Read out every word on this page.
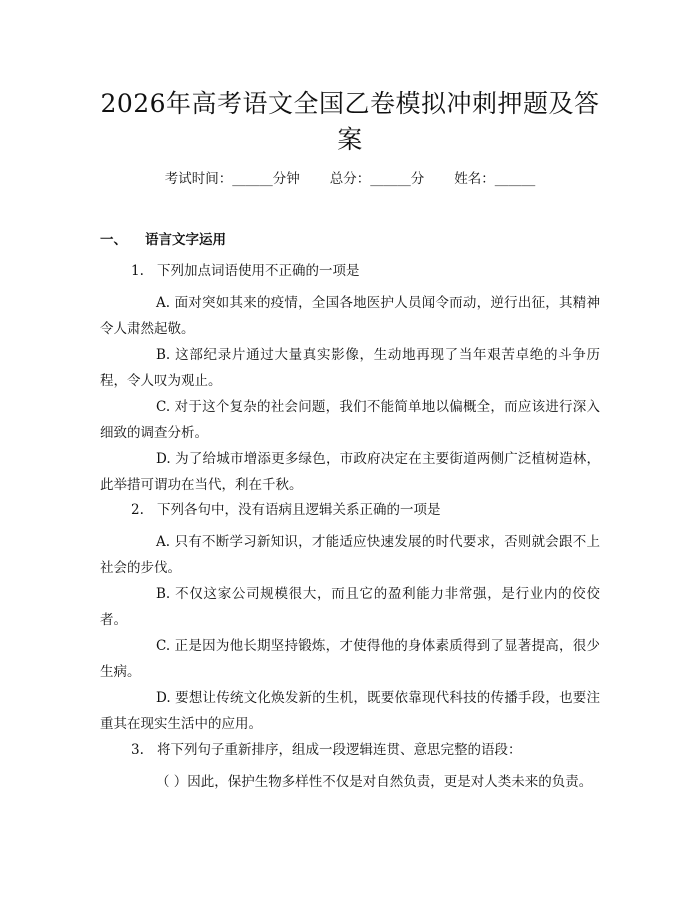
2026年高考语文全国乙卷模拟冲刺押题及答案
考试时间：______分钟 总分：______分 姓名：______
一、 语言文字运用
1. 下列加点词语使用不正确的一项是
A. 面对突如其来的疫情，全国各地医护人员闻令而动，逆行出征，其精神令人肃然起敬。
B. 这部纪录片通过大量真实影像，生动地再现了当年艰苦卓绝的斗争历程，令人叹为观止。
C. 对于这个复杂的社会问题，我们不能简单地以偏概全，而应该进行深入细致的调查分析。
D. 为了给城市增添更多绿色，市政府决定在主要街道两侧广泛植树造林，此举措可谓功在当代，利在千秋。
2. 下列各句中，没有语病且逻辑关系正确的一项是
A. 只有不断学习新知识，才能适应快速发展的时代要求，否则就会跟不上社会的步伐。
B. 不仅这家公司规模很大，而且它的盈利能力非常强，是行业内的佼佼者。
C. 正是因为他长期坚持锻炼，才使得他的身体素质得到了显著提高，很少生病。
D. 要想让传统文化焕发新的生机，既要依靠现代科技的传播手段，也要注重其在现实生活中的应用。
3. 将下列句子重新排序，组成一段逻辑连贯、意思完整的语段：
（ ）因此，保护生物多样性不仅是对自然负责，更是对人类未来的负责。
